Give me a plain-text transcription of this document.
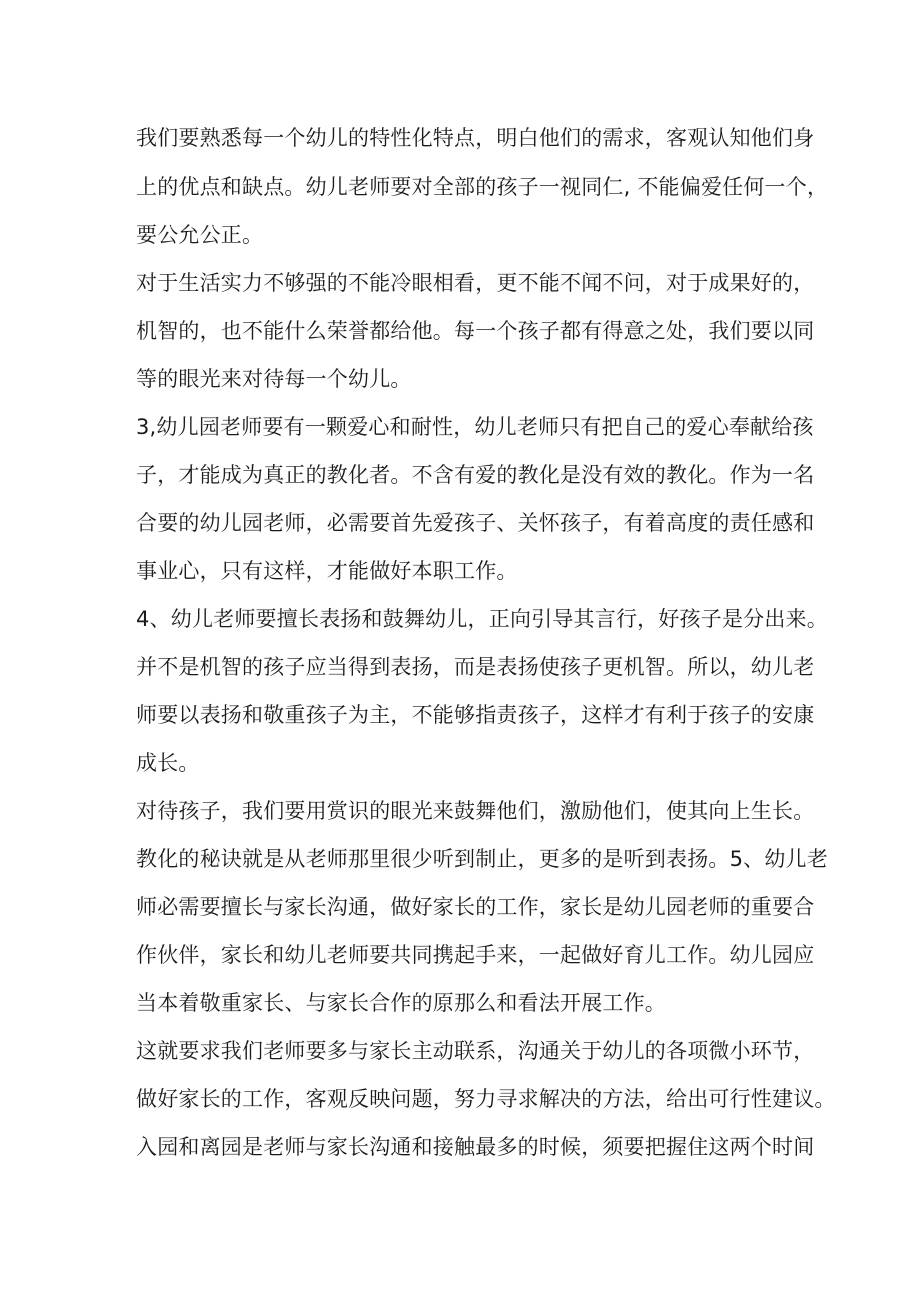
我们要熟悉每一个幼儿的特性化特点，明白他们的需求，客观认知他们身
上的优点和缺点。幼儿老师要对全部的孩子一视同仁, 不能偏爱任何一个，
要公允公正。
对于生活实力不够强的不能冷眼相看，更不能不闻不问，对于成果好的，
机智的，也不能什么荣誉都给他。每一个孩子都有得意之处，我们要以同
等的眼光来对待每一个幼儿。
3,幼儿园老师要有一颗爱心和耐性，幼儿老师只有把自己的爱心奉献给孩
子，才能成为真正的教化者。不含有爱的教化是没有效的教化。作为一名
合要的幼儿园老师，必需要首先爱孩子、关怀孩子，有着高度的责任感和
事业心，只有这样，才能做好本职工作。
4、幼儿老师要擅长表扬和鼓舞幼儿，正向引导其言行，好孩子是分出来。
并不是机智的孩子应当得到表扬，而是表扬使孩子更机智。所以，幼儿老
师要以表扬和敬重孩子为主，不能够指责孩子，这样才有利于孩子的安康
成长。
对待孩子，我们要用赏识的眼光来鼓舞他们，激励他们，使其向上生长。
教化的秘诀就是从老师那里很少听到制止，更多的是听到表扬。5、幼儿老
师必需要擅长与家长沟通，做好家长的工作，家长是幼儿园老师的重要合
作伙伴，家长和幼儿老师要共同携起手来，一起做好育儿工作。幼儿园应
当本着敬重家长、与家长合作的原那么和看法开展工作。
这就要求我们老师要多与家长主动联系，沟通关于幼儿的各项微小环节，
做好家长的工作，客观反映问题，努力寻求解决的方法，给出可行性建议。
入园和离园是老师与家长沟通和接触最多的时候，须要把握住这两个时间
